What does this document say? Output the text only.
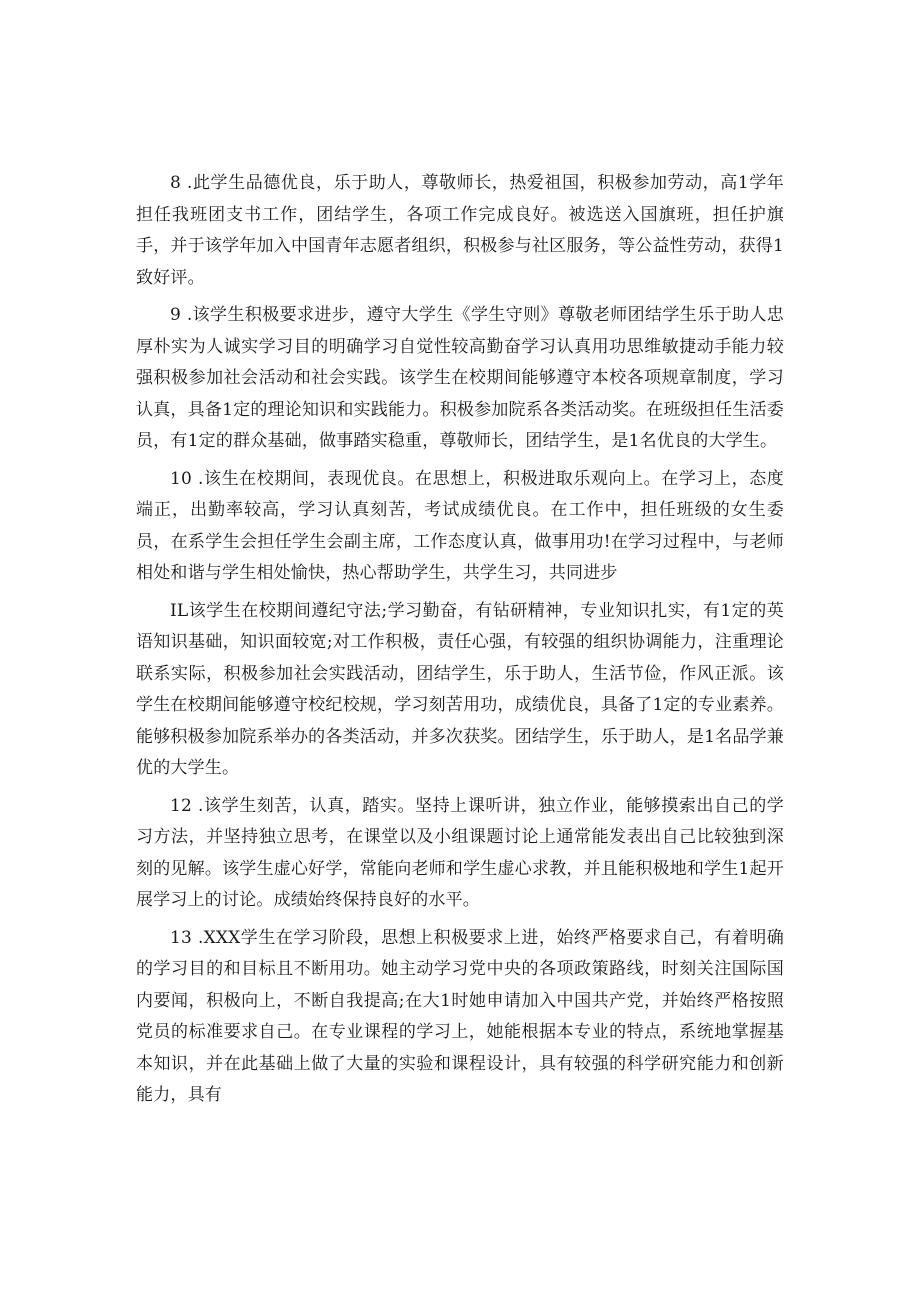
8 .此学生品德优良，乐于助人，尊敬师长，热爱祖国，积极参加劳动，高1学年担任我班团支书工作，团结学生，各项工作完成良好。被选送入国旗班，担任护旗手，并于该学年加入中国青年志愿者组织，积极参与社区服务，等公益性劳动，获得1致好评。

9 .该学生积极要求进步，遵守大学生《学生守则》尊敬老师团结学生乐于助人忠厚朴实为人诚实学习目的明确学习自觉性较高勤奋学习认真用功思维敏捷动手能力较强积极参加社会活动和社会实践。该学生在校期间能够遵守本校各项规章制度，学习认真，具备1定的理论知识和实践能力。积极参加院系各类活动奖。在班级担任生活委员，有1定的群众基础，做事踏实稳重，尊敬师长，团结学生，是1名优良的大学生。

10 .该生在校期间，表现优良。在思想上，积极进取乐观向上。在学习上，态度端正，出勤率较高，学习认真刻苦，考试成绩优良。在工作中，担任班级的女生委员，在系学生会担任学生会副主席，工作态度认真，做事用功!在学习过程中，与老师相处和谐与学生相处愉快，热心帮助学生，共学生习，共同进步

IL该学生在校期间遵纪守法;学习勤奋，有钻研精神，专业知识扎实，有1定的英语知识基础，知识面较宽;对工作积极，责任心强，有较强的组织协调能力，注重理论联系实际，积极参加社会实践活动，团结学生，乐于助人，生活节俭，作风正派。该学生在校期间能够遵守校纪校规，学习刻苦用功，成绩优良，具备了1定的专业素养。能够积极参加院系举办的各类活动，并多次获奖。团结学生，乐于助人，是1名品学兼优的大学生。

12 .该学生刻苦，认真，踏实。坚持上课听讲，独立作业，能够摸索出自己的学习方法，并坚持独立思考，在课堂以及小组课题讨论上通常能发表出自己比较独到深刻的见解。该学生虚心好学，常能向老师和学生虚心求教，并且能积极地和学生1起开展学习上的讨论。成绩始终保持良好的水平。

13 .XXX学生在学习阶段，思想上积极要求上进，始终严格要求自己，有着明确的学习目的和目标且不断用功。她主动学习党中央的各项政策路线，时刻关注国际国内要闻，积极向上，不断自我提高;在大1时她申请加入中国共产党，并始终严格按照党员的标准要求自己。在专业课程的学习上，她能根据本专业的特点，系统地掌握基本知识，并在此基础上做了大量的实验和课程设计，具有较强的科学研究能力和创新能力，具有
